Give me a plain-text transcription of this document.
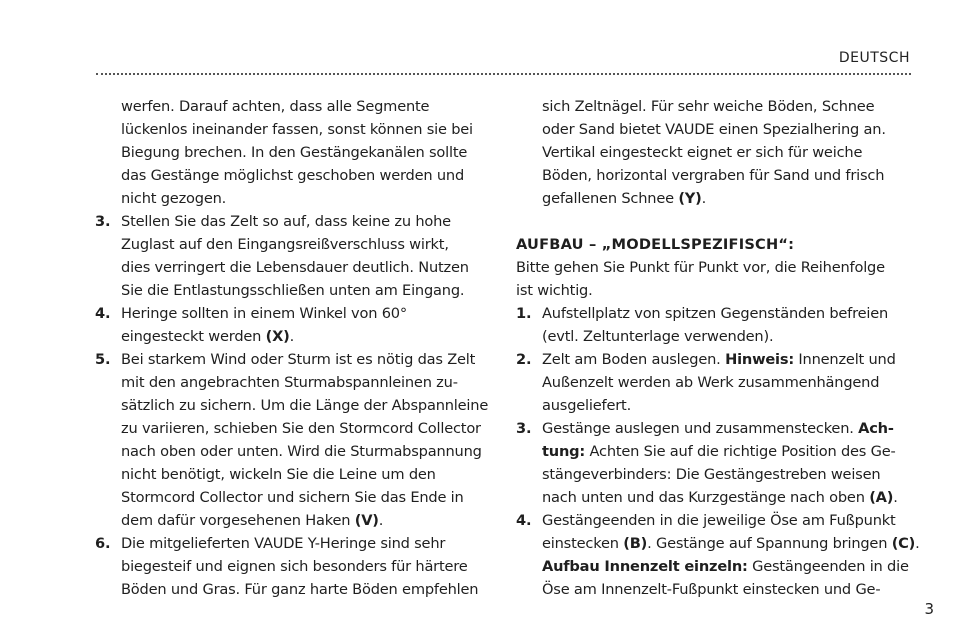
DEUTSCH
werfen. Darauf achten, dass alle Segmente
lückenlos ineinander fassen, sonst können sie bei
Biegung brechen. In den Gestängekanälen sollte
das Gestänge möglichst geschoben werden und
nicht gezogen.
3. Stellen Sie das Zelt so auf, dass keine zu hohe
Zuglast auf den Eingangsreißverschluss wirkt,
dies verringert die Lebensdauer deutlich. Nutzen
Sie die Entlastungsschließen unten am Eingang.
4. Heringe sollten in einem Winkel von 60°
eingesteckt werden (X).
5. Bei starkem Wind oder Sturm ist es nötig das Zelt
mit den angebrachten Sturmabspannleinen zu-
sätzlich zu sichern. Um die Länge der Abspannleine
zu variieren, schieben Sie den Stormcord Collector
nach oben oder unten. Wird die Sturmabspannung
nicht benötigt, wickeln Sie die Leine um den
Stormcord Collector und sichern Sie das Ende in
dem dafür vorgesehenen Haken (V).
6. Die mitgelieferten VAUDE Y-Heringe sind sehr
biegesteif und eignen sich besonders für härtere
Böden und Gras. Für ganz harte Böden empfehlen
sich Zeltnägel. Für sehr weiche Böden, Schnee
oder Sand bietet VAUDE einen Spezialhering an.
Vertikal eingesteckt eignet er sich für weiche
Böden, horizontal vergraben für Sand und frisch
gefallenen Schnee (Y).
AUFBAU – „MODELLSPEZIFISCH“:
Bitte gehen Sie Punkt für Punkt vor, die Reihenfolge
ist wichtig.
1. Aufstellplatz von spitzen Gegenständen befreien
(evtl. Zeltunterlage verwenden).
2. Zelt am Boden auslegen. Hinweis: Innenzelt und
Außenzelt werden ab Werk zusammenhängend
ausgeliefert.
3. Gestänge auslegen und zusammenstecken. Ach-
tung: Achten Sie auf die richtige Position des Ge-
stängeverbinders: Die Gestängestreben weisen
nach unten und das Kurzgestänge nach oben (A).
4. Gestängeenden in die jeweilige Öse am Fußpunkt
einstecken (B). Gestänge auf Spannung bringen (C).
Aufbau Innenzelt einzeln: Gestängeenden in die
Öse am Innenzelt-Fußpunkt einstecken und Ge-
3
